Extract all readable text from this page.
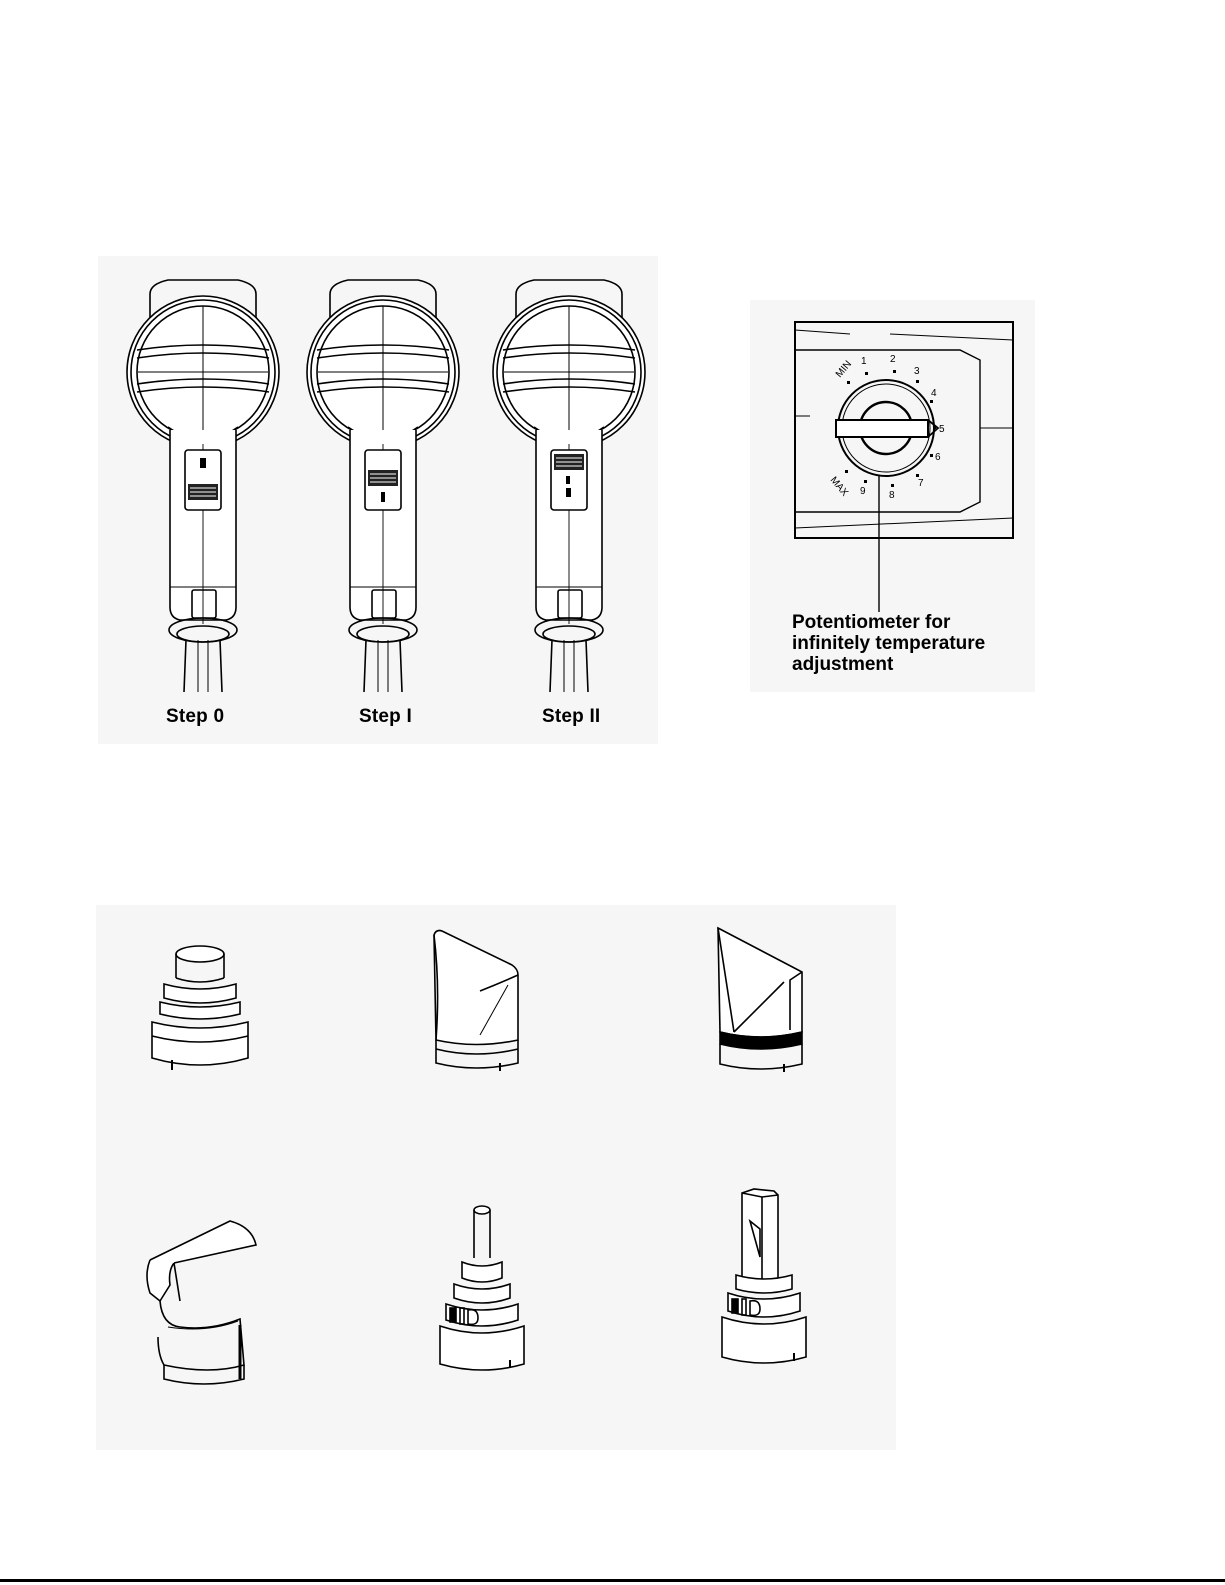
Step 0	Step I	Step II
MIN 1 2
3
4
5
6
7
8
9
MAX
Potentiometer for
infinitely temperature
adjustment
